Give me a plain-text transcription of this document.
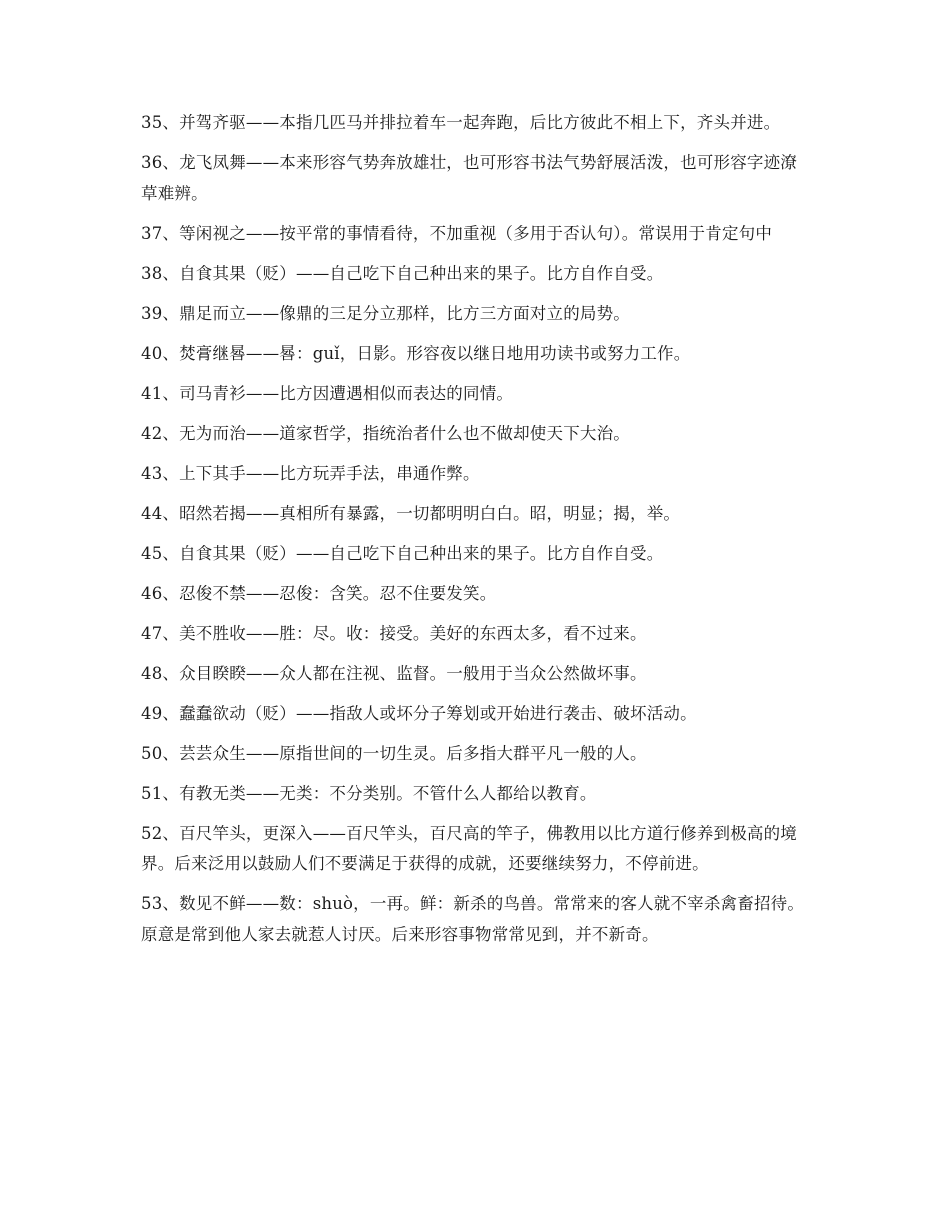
35、并驾齐驱——本指几匹马并排拉着车一起奔跑，后比方彼此不相上下，齐头并进。

36、龙飞凤舞——本来形容气势奔放雄壮，也可形容书法气势舒展活泼，也可形容字迹潦草难辨。

37、等闲视之——按平常的事情看待，不加重视（多用于否认句）。常误用于肯定句中

38、自食其果（贬）——自己吃下自己种出来的果子。比方自作自受。

39、鼎足而立——像鼎的三足分立那样，比方三方面对立的局势。

40、焚膏继晷——晷：guǐ，日影。形容夜以继日地用功读书或努力工作。

41、司马青衫——比方因遭遇相似而表达的同情。

42、无为而治——道家哲学，指统治者什么也不做却使天下大治。

43、上下其手——比方玩弄手法，串通作弊。

44、昭然若揭——真相所有暴露，一切都明明白白。昭，明显；揭，举。

45、自食其果（贬）——自己吃下自己种出来的果子。比方自作自受。

46、忍俊不禁——忍俊：含笑。忍不住要发笑。

47、美不胜收——胜：尽。收：接受。美好的东西太多，看不过来。

48、众目睽睽——众人都在注视、监督。一般用于当众公然做坏事。

49、蠢蠢欲动（贬）——指敌人或坏分子筹划或开始进行袭击、破坏活动。

50、芸芸众生——原指世间的一切生灵。后多指大群平凡一般的人。

51、有教无类——无类：不分类别。不管什么人都给以教育。

52、百尺竿头，更深入——百尺竿头，百尺高的竿子，佛教用以比方道行修养到极高的境界。后来泛用以鼓励人们不要满足于获得的成就，还要继续努力，不停前进。

53、数见不鲜——数：shuò，一再。鲜：新杀的鸟兽。常常来的客人就不宰杀禽畜招待。原意是常到他人家去就惹人讨厌。后来形容事物常常见到，并不新奇。
